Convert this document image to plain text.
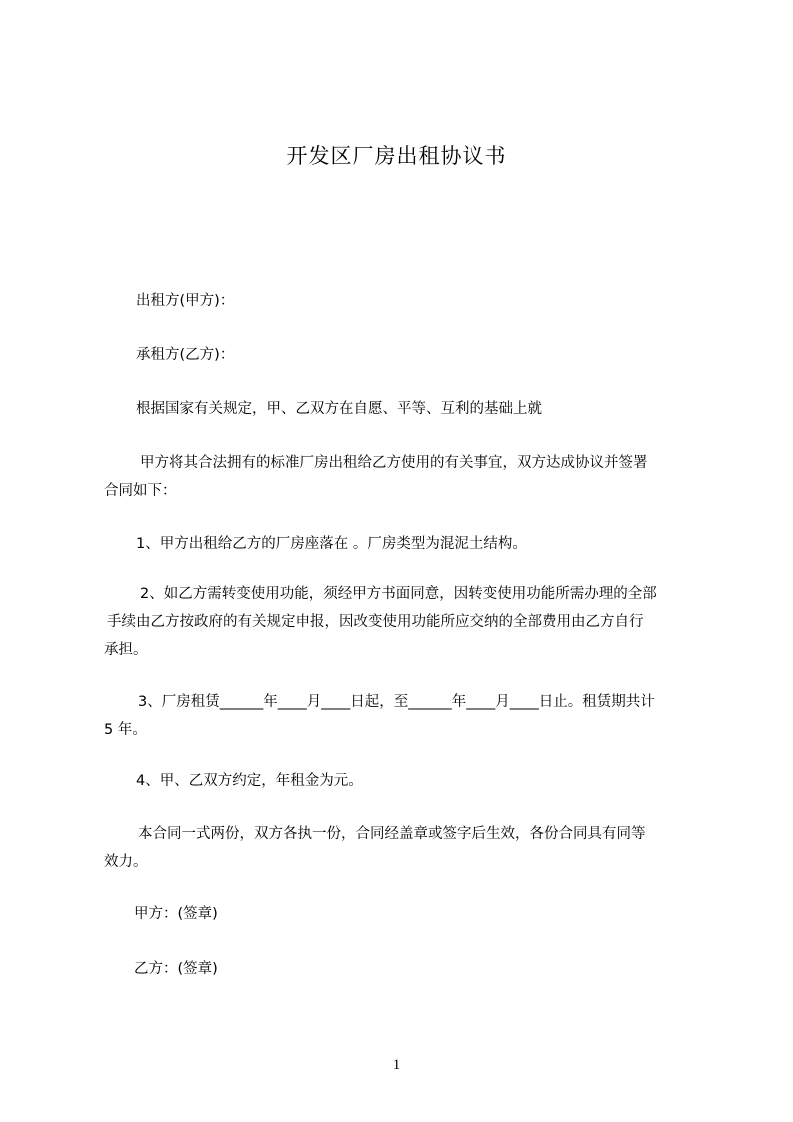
开发区厂房出租协议书
出租方(甲方)：
承租方(乙方)：
根据国家有关规定，甲、乙双方在自愿、平等、互利的基础上就
甲方将其合法拥有的标准厂房出租给乙方使用的有关事宜，双方达成协议并签署
合同如下：
1、甲方出租给乙方的厂房座落在 。厂房类型为混泥土结构。
2、如乙方需转变使用功能，须经甲方书面同意，因转变使用功能所需办理的全部
手续由乙方按政府的有关规定申报，因改变使用功能所应交纳的全部费用由乙方自行
承担。
3、厂房租赁______年____月____日起，至______年____月____日止。租赁期共计
5 年。
4、甲、乙双方约定，年租金为元。
本合同一式两份，双方各执一份，合同经盖章或签字后生效，各份合同具有同等
效力。
甲方：(签章)
乙方：(签章)
1
